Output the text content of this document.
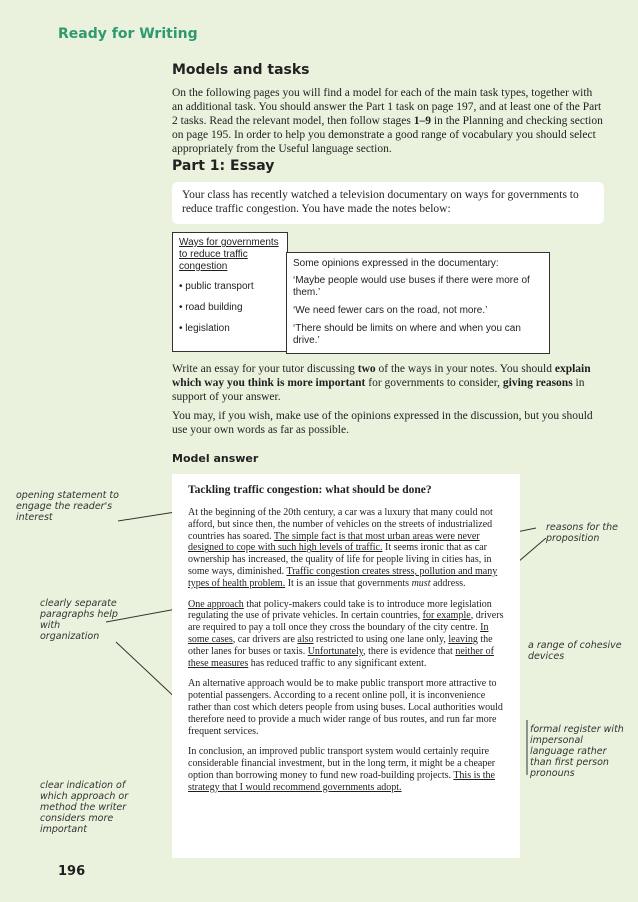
Ready for Writing
Models and tasks
On the following pages you will find a model for each of the main task types, together with an additional task. You should answer the Part 1 task on page 197, and at least one of the Part 2 tasks. Read the relevant model, then follow stages 1–9 in the Planning and checking section on page 195. In order to help you demonstrate a good range of vocabulary you should select appropriately from the Useful language section.
Part 1: Essay
Your class has recently watched a television documentary on ways for governments to reduce traffic congestion. You have made the notes below:
Ways for governments to reduce traffic congestion
• public transport
• road building
• legislation
Some opinions expressed in the documentary:
‘Maybe people would use buses if there were more of them.’
‘We need fewer cars on the road, not more.’
‘There should be limits on where and when you can drive.’

Write an essay for your tutor discussing two of the ways in your notes. You should explain which way you think is more important for governments to consider, giving reasons in support of your answer.

You may, if you wish, make use of the opinions expressed in the discussion, but you should use your own words as far as possible.

Model answer
Tackling traffic congestion: what should be done?

At the beginning of the 20th century, a car was a luxury that many could not afford, but since then, the number of vehicles on the streets of industrialized countries has soared. The simple fact is that most urban areas were never designed to cope with such high levels of traffic. It seems ironic that as car ownership has increased, the quality of life for people living in cities has, in some ways, diminished. Traffic congestion creates stress, pollution and many types of health problem. It is an issue that governments must address.

One approach that policy-makers could take is to introduce more legislation regulating the use of private vehicles. In certain countries, for example, drivers are required to pay a toll once they cross the boundary of the city centre. In some cases, car drivers are also restricted to using one lane only, leaving the other lanes for buses or taxis. Unfortunately, there is evidence that neither of these measures has reduced traffic to any significant extent.

An alternative approach would be to make public transport more attractive to potential passengers. According to a recent online poll, it is inconvenience rather than cost which deters people from using buses. Local authorities would therefore need to provide a much wider range of bus routes, and run far more frequent services.

In conclusion, an improved public transport system would certainly require considerable financial investment, but in the long term, it might be a cheaper option than borrowing money to fund new road-building projects. This is the strategy that I would recommend governments adopt.

opening statement to engage the reader's interest
clearly separate paragraphs help with organization
clear indication of which approach or method the writer considers more important
reasons for the proposition
a range of cohesive devices
formal register with impersonal language rather than first person pronouns
196
